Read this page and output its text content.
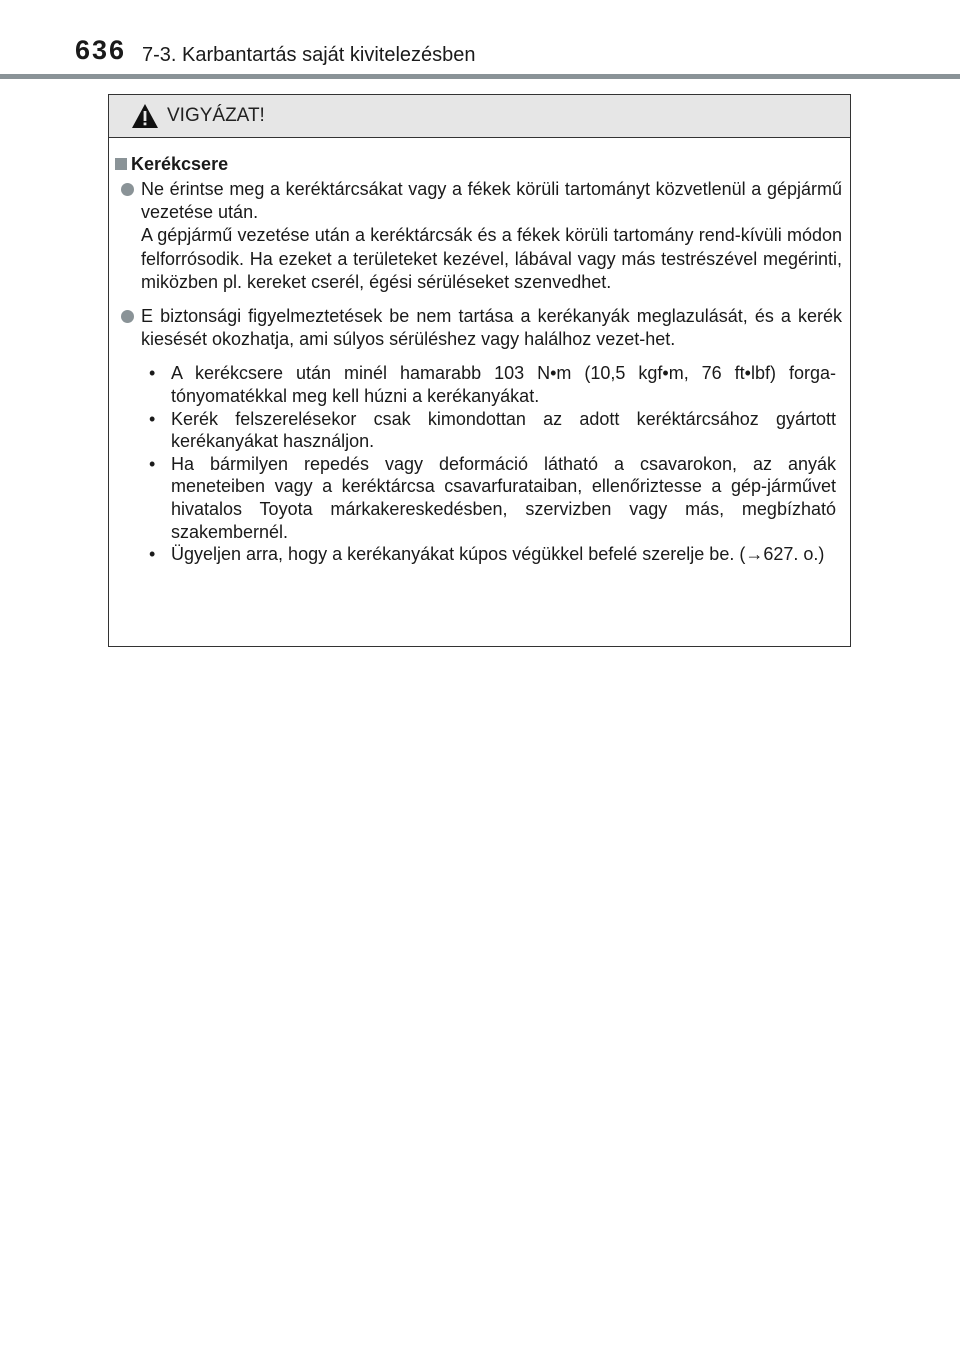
636 7-3. Karbantartás saját kivitelezésben
VIGYÁZAT!
Kerékcsere

Ne érintse meg a keréktárcsákat vagy a fékek körüli tartományt közvetlenül a gépjármű vezetése után.

A gépjármű vezetése után a keréktárcsák és a fékek körüli tartomány rend-kívüli módon felforrósodik. Ha ezeket a területeket kezével, lábával vagy más testrészével megérinti, miközben pl. kereket cserél, égési sérüléseket szenvedhet.

E biztonsági figyelmeztetések be nem tartása a kerékanyák meglazulását, és a kerék kiesését okozhatja, ami súlyos sérüléshez vagy halálhoz vezet-het.

• A kerékcsere után minél hamarabb 103 N•m (10,5 kgf•m, 76 ft•lbf) forga-tónyomatékkal meg kell húzni a kerékanyákat.
• Kerék felszerelésekor csak kimondottan az adott keréktárcsához gyártott kerékanyákat használjon.
• Ha bármilyen repedés vagy deformáció látható a csavarokon, az anyák meneteiben vagy a keréktárcsa csavarfurataiban, ellenőriztesse a gép-járművet hivatalos Toyota márkakereskedésben, szervizben vagy más, megbízható szakembernél.
• Ügyeljen arra, hogy a kerékanyákat kúpos végükkel befelé szerelje be. (→627. o.)
